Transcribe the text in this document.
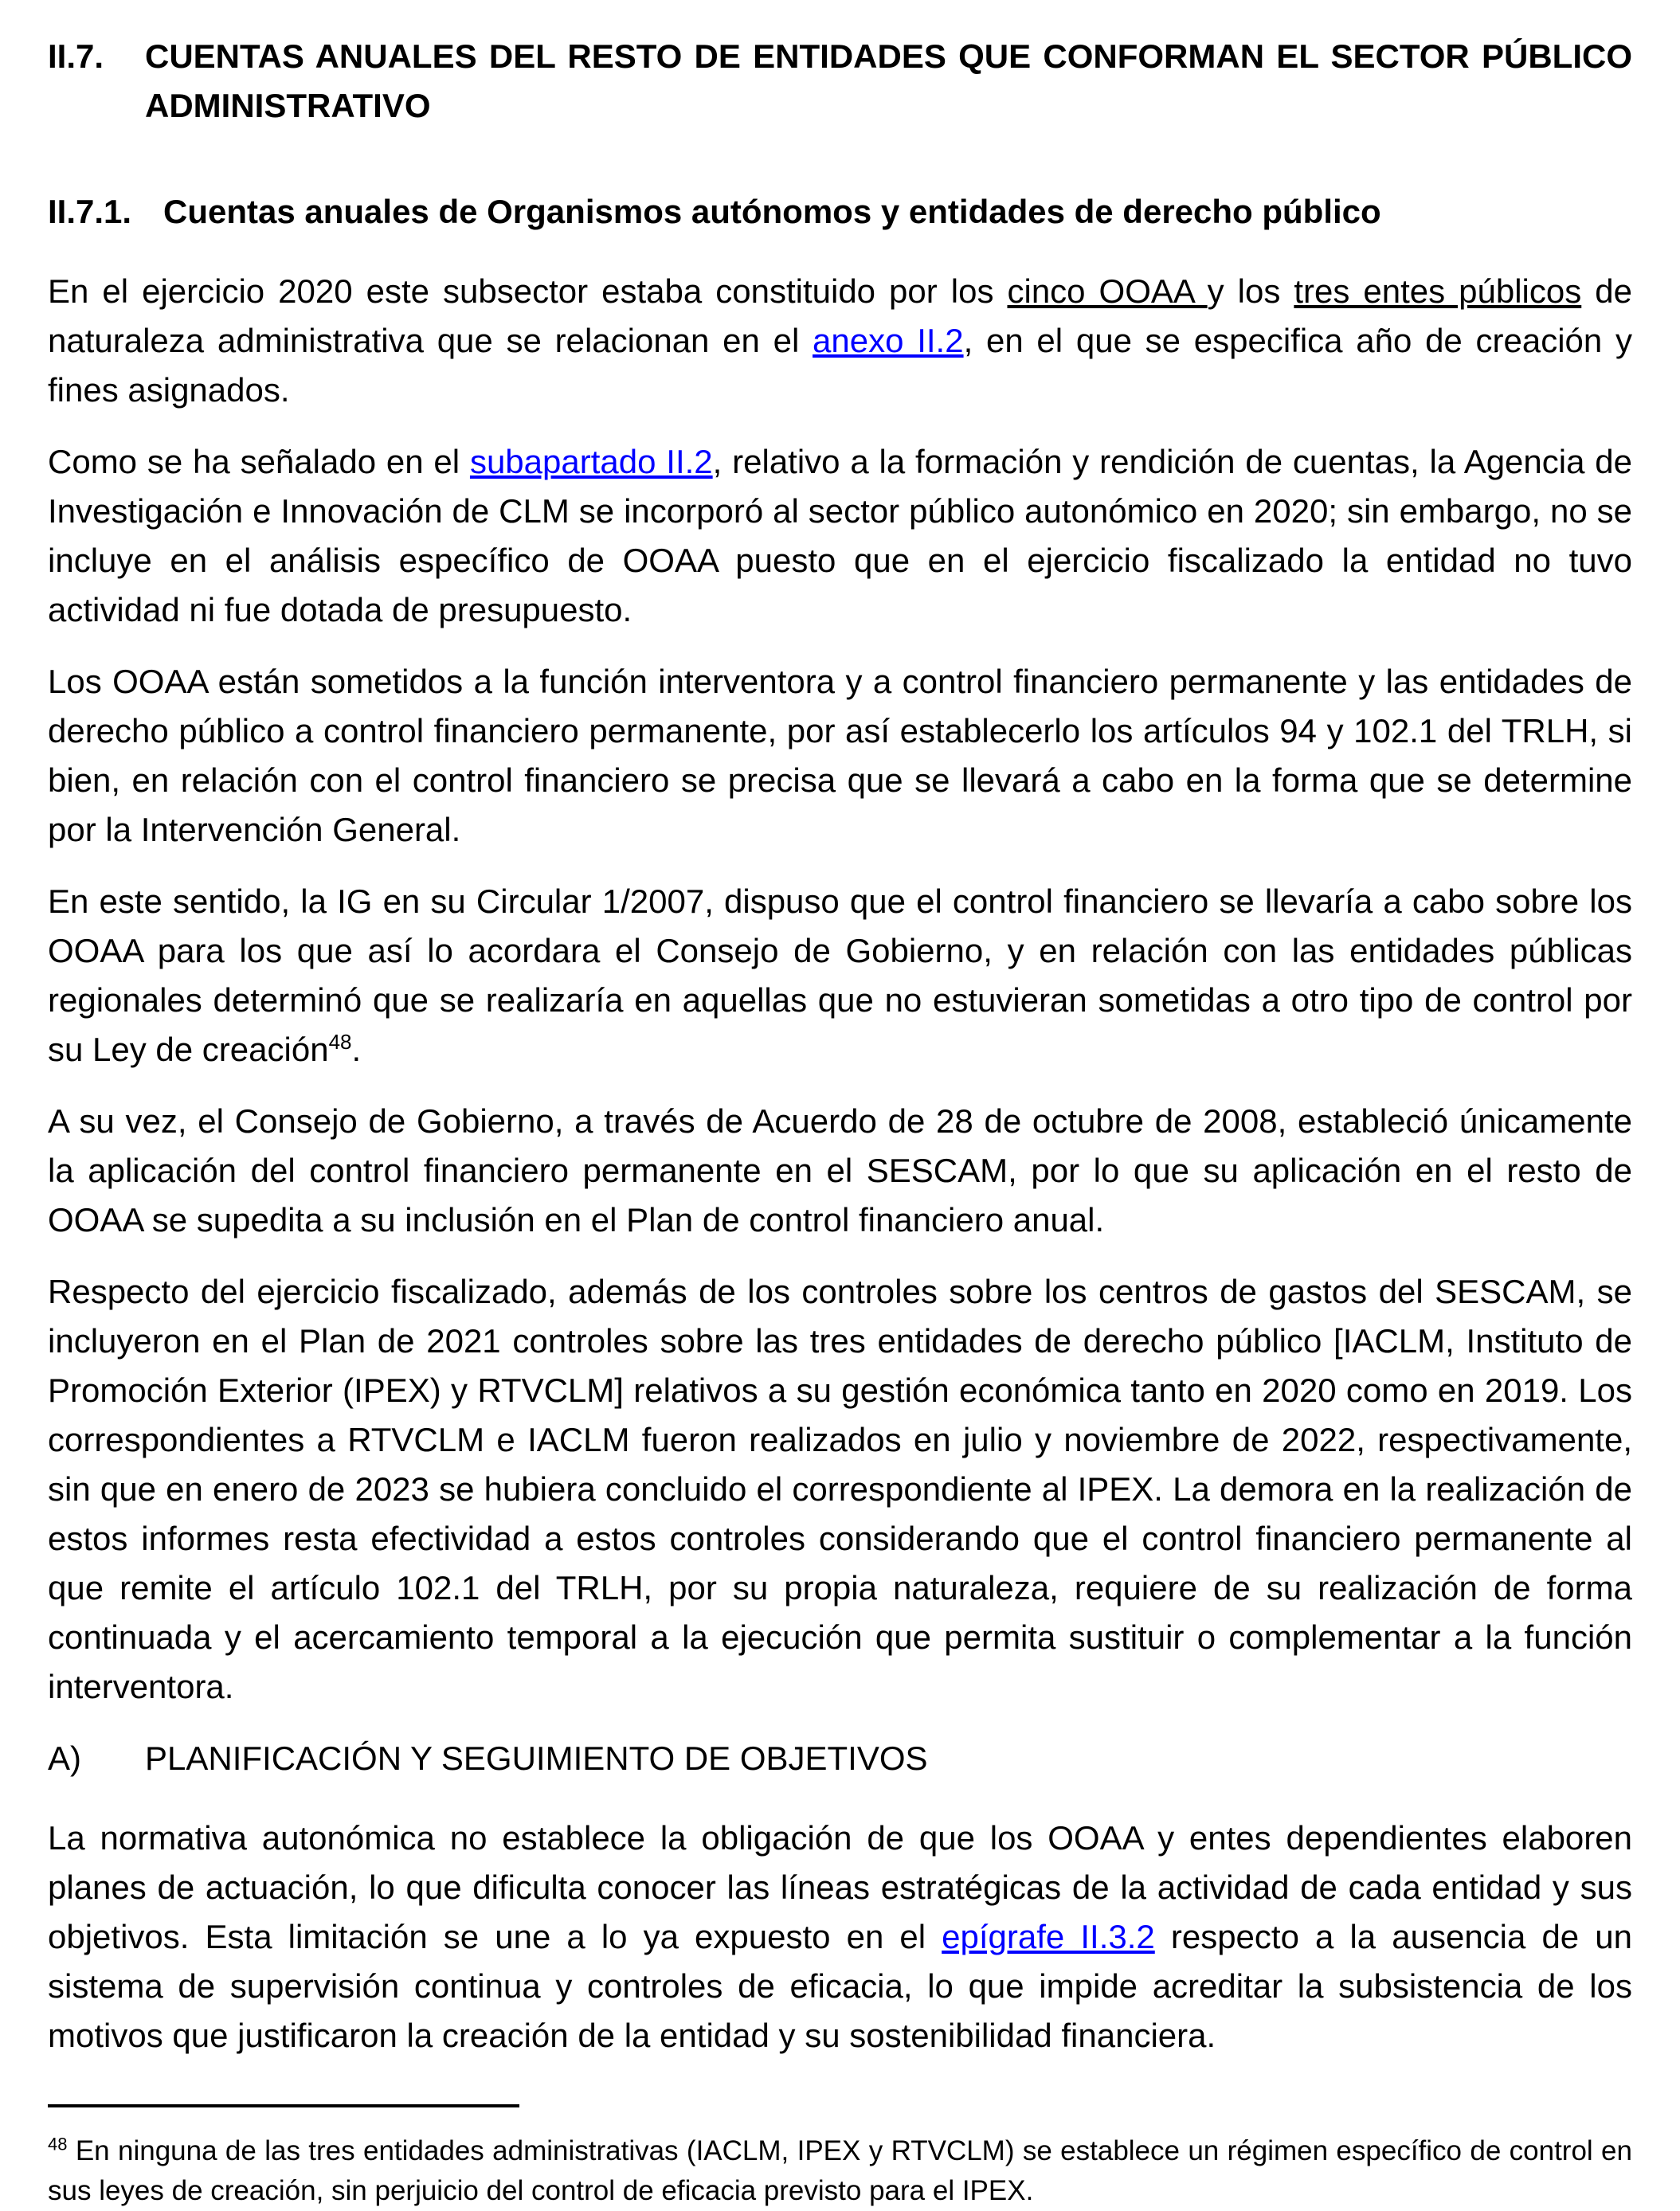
II.7. CUENTAS ANUALES DEL RESTO DE ENTIDADES QUE CONFORMAN EL SECTOR PÚBLICO ADMINISTRATIVO
II.7.1. Cuentas anuales de Organismos autónomos y entidades de derecho público

En el ejercicio 2020 este subsector estaba constituido por los cinco OOAA y los tres entes públicos de naturaleza administrativa que se relacionan en el anexo II.2, en el que se especifica año de creación y fines asignados.

Como se ha señalado en el subapartado II.2, relativo a la formación y rendición de cuentas, la Agencia de Investigación e Innovación de CLM se incorporó al sector público autonómico en 2020; sin embargo, no se incluye en el análisis específico de OOAA puesto que en el ejercicio fiscalizado la entidad no tuvo actividad ni fue dotada de presupuesto.

Los OOAA están sometidos a la función interventora y a control financiero permanente y las entidades de derecho público a control financiero permanente, por así establecerlo los artículos 94 y 102.1 del TRLH, si bien, en relación con el control financiero se precisa que se llevará a cabo en la forma que se determine por la Intervención General.

En este sentido, la IG en su Circular 1/2007, dispuso que el control financiero se llevaría a cabo sobre los OOAA para los que así lo acordara el Consejo de Gobierno, y en relación con las entidades públicas regionales determinó que se realizaría en aquellas que no estuvieran sometidas a otro tipo de control por su Ley de creación$^{48}$.

A su vez, el Consejo de Gobierno, a través de Acuerdo de 28 de octubre de 2008, estableció únicamente la aplicación del control financiero permanente en el SESCAM, por lo que su aplicación en el resto de OOAA se supedita a su inclusión en el Plan de control financiero anual.

Respecto del ejercicio fiscalizado, además de los controles sobre los centros de gastos del SESCAM, se incluyeron en el Plan de 2021 controles sobre las tres entidades de derecho público [IACLM, Instituto de Promoción Exterior (IPEX) y RTVCLM] relativos a su gestión económica tanto en 2020 como en 2019. Los correspondientes a RTVCLM e IACLM fueron realizados en julio y noviembre de 2022, respectivamente, sin que en enero de 2023 se hubiera concluido el correspondiente al IPEX. La demora en la realización de estos informes resta efectividad a estos controles considerando que el control financiero permanente al que remite el artículo 102.1 del TRLH, por su propia naturaleza, requiere de su realización de forma continuada y el acercamiento temporal a la ejecución que permita sustituir o complementar a la función interventora.

A) PLANIFICACIÓN Y SEGUIMIENTO DE OBJETIVOS

La normativa autonómica no establece la obligación de que los OOAA y entes dependientes elaboren planes de actuación, lo que dificulta conocer las líneas estratégicas de la actividad de cada entidad y sus objetivos. Esta limitación se une a lo ya expuesto en el epígrafe II.3.2 respecto a la ausencia de un sistema de supervisión continua y controles de eficacia, lo que impide acreditar la subsistencia de los motivos que justificaron la creación de la entidad y su sostenibilidad financiera.

$^{48}$ En ninguna de las tres entidades administrativas (IACLM, IPEX y RTVCLM) se establece un régimen específico de control en sus leyes de creación, sin perjuicio del control de eficacia previsto para el IPEX.
